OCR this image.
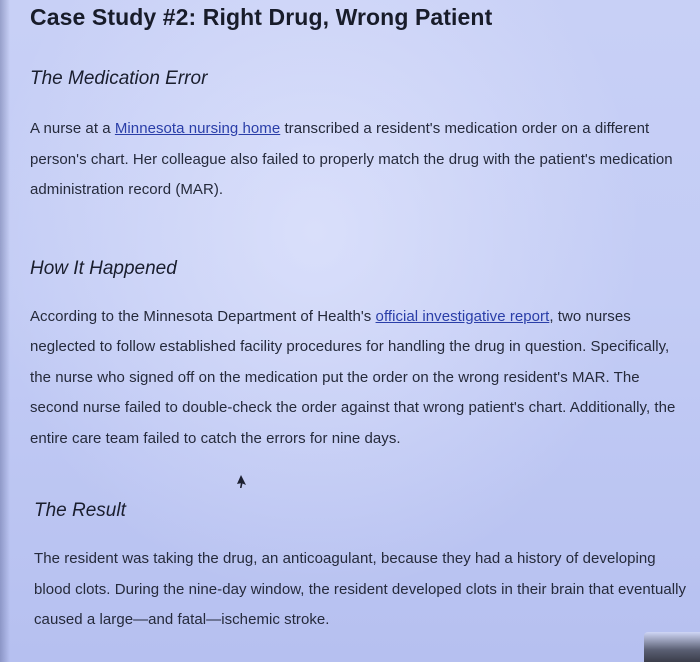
Case Study #2: Right Drug, Wrong Patient
The Medication Error

A nurse at a Minnesota nursing home transcribed a resident's medication order on a different person's chart. Her colleague also failed to properly match the drug with the patient's medication administration record (MAR).

How It Happened

According to the Minnesota Department of Health's official investigative report, two nurses neglected to follow established facility procedures for handling the drug in question. Specifically, the nurse who signed off on the medication put the order on the wrong resident's MAR. The second nurse failed to double-check the order against that wrong patient's chart. Additionally, the entire care team failed to catch the errors for nine days.

The Result

The resident was taking the drug, an anticoagulant, because they had a history of developing blood clots. During the nine-day window, the resident developed clots in their brain that eventually caused a large—and fatal—ischemic stroke.
